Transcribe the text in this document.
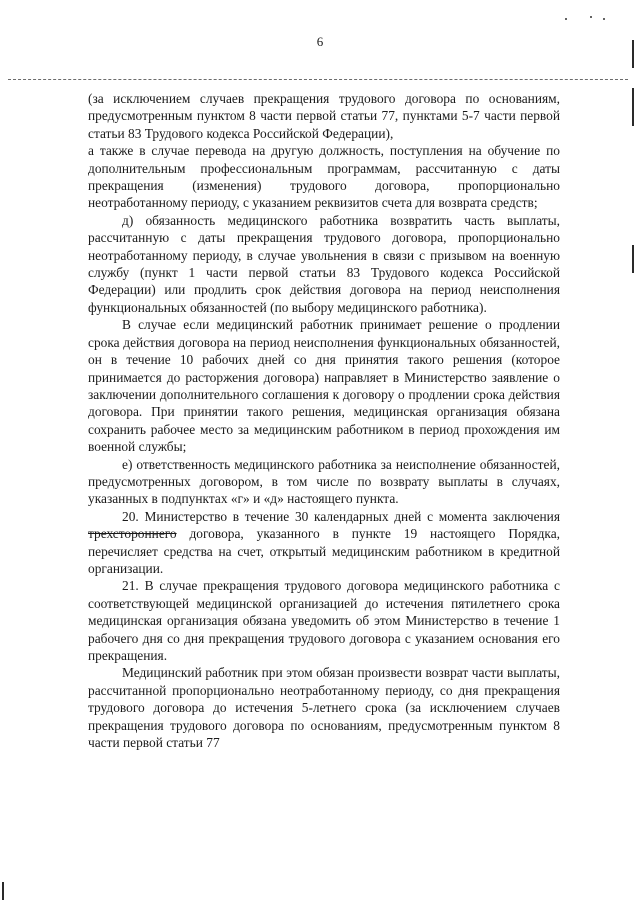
6

(за исключением случаев прекращения трудового договора по основаниям, предусмотренным пунктом 8 части первой статьи 77, пунктами 5-7 части первой статьи 83 Трудового кодекса Российской Федерации),

а также в случае перевода на другую должность, поступления на обучение по дополнительным профессиональным программам, рассчитанную с даты прекращения (изменения) трудового договора, пропорционально неотработанному периоду, с указанием реквизитов счета для возврата средств;

д) обязанность медицинского работника возвратить часть выплаты, рассчитанную с даты прекращения трудового договора, пропорционально неотработанному периоду, в случае увольнения в связи с призывом на военную службу (пункт 1 части первой статьи 83 Трудового кодекса Российской Федерации) или продлить срок действия договора на период неисполнения функциональных обязанностей (по выбору медицинского работника).

В случае если медицинский работник принимает решение о продлении срока действия договора на период неисполнения функциональных обязанностей, он в течение 10 рабочих дней со дня принятия такого решения (которое принимается до расторжения договора) направляет в Министерство заявление о заключении дополнительного соглашения к договору о продлении срока действия договора. При принятии такого решения, медицинская организация обязана сохранить рабочее место за медицинским работником в период прохождения им военной службы;

е) ответственность медицинского работника за неисполнение обязанностей, предусмотренных договором, в том числе по возврату выплаты в случаях, указанных в подпунктах «г» и «д» настоящего пункта.

20. Министерство в течение 30 календарных дней с момента заключения трехстороннего договора, указанного в пункте 19 настоящего Порядка, перечисляет средства на счет, открытый медицинским работником в кредитной организации.

21. В случае прекращения трудового договора медицинского работника с соответствующей медицинской организацией до истечения пятилетнего срока медицинская организация обязана уведомить об этом Министерство в течение 1 рабочего дня со дня прекращения трудового договора с указанием основания его прекращения.

Медицинский работник при этом обязан произвести возврат части выплаты, рассчитанной пропорционально неотработанному периоду, со дня прекращения трудового договора до истечения 5-летнего срока (за исключением случаев прекращения трудового договора по основаниям, предусмотренным пунктом 8 части первой статьи 77
